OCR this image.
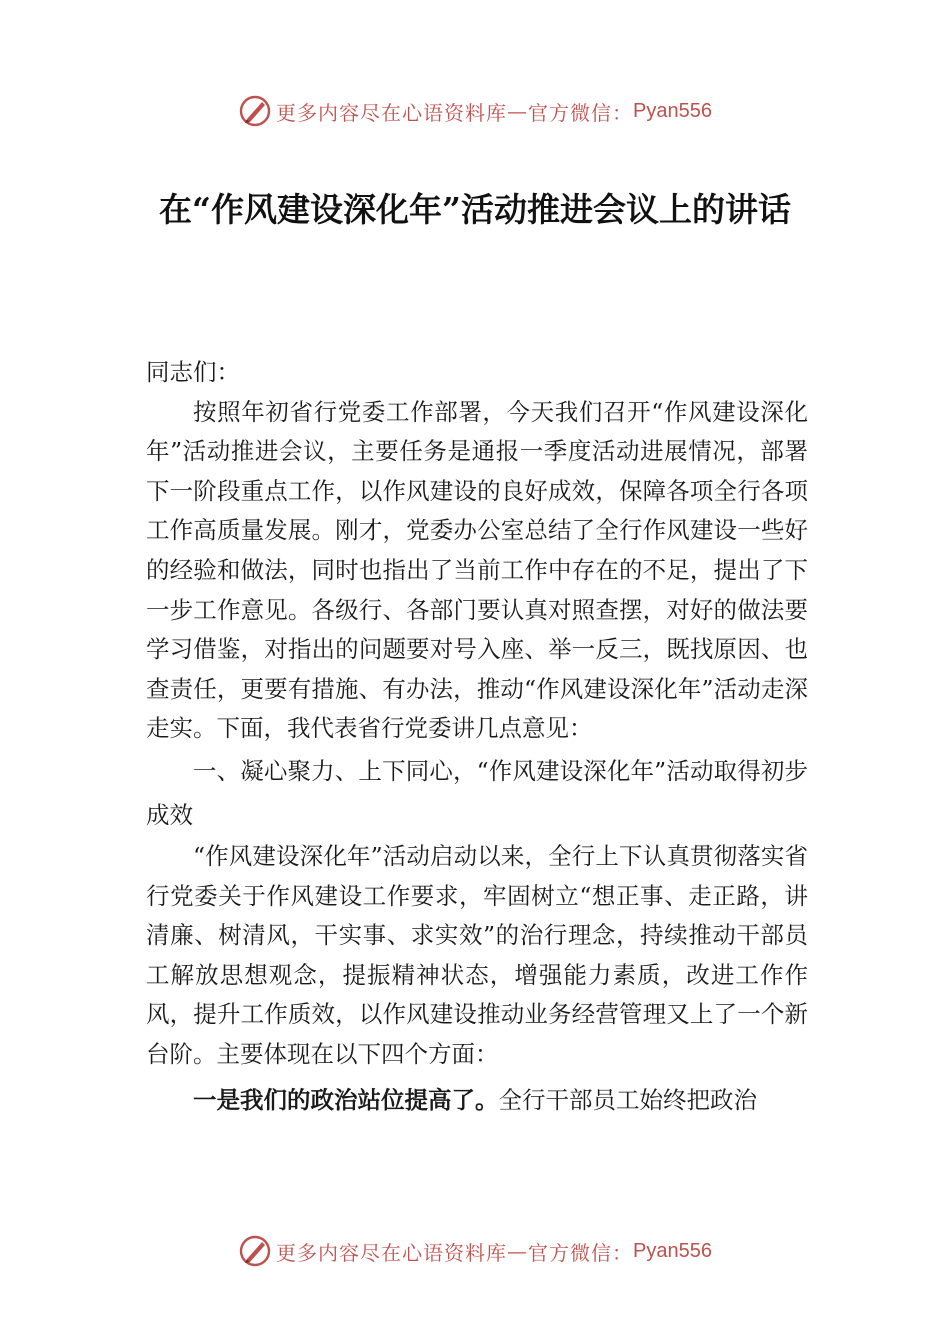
更多内容尽在心语资料库 — 官方微信： Pyan556
在“作风建设深化年”活动推进会议上的讲话

同志们：

按照年初省行党委工作部署，今天我们召开“作风建设深化年”活动推进会议，主要任务是通报一季度活动进展情况，部署下一阶段重点工作，以作风建设的良好成效，保障各项全行各项工作高质量发展。刚才，党委办公室总结了全行作风建设一些好的经验和做法，同时也指出了当前工作中存在的不足，提出了下一步工作意见。各级行、各部门要认真对照查摆，对好的做法要学习借鉴，对指出的问题要对号入座、举一反三，既找原因、也查责任，更要有措施、有办法，推动“作风建设深化年”活动走深走实。下面，我代表省行党委讲几点意见：

一、凝心聚力、上下同心，“作风建设深化年”活动取得初步成效

“作风建设深化年”活动启动以来，全行上下认真贯彻落实省行党委关于作风建设工作要求，牢固树立“想正事、走正路，讲清廉、树清风，干实事、求实效”的治行理念，持续推动干部员工解放思想观念，提振精神状态，增强能力素质，改进工作作风，提升工作质效，以作风建设推动业务经营管理又上了一个新台阶。主要体现在以下四个方面：

一是我们的政治站位提高了。全行干部员工始终把政治

更多内容尽在心语资料库 — 官方微信： Pyan556
